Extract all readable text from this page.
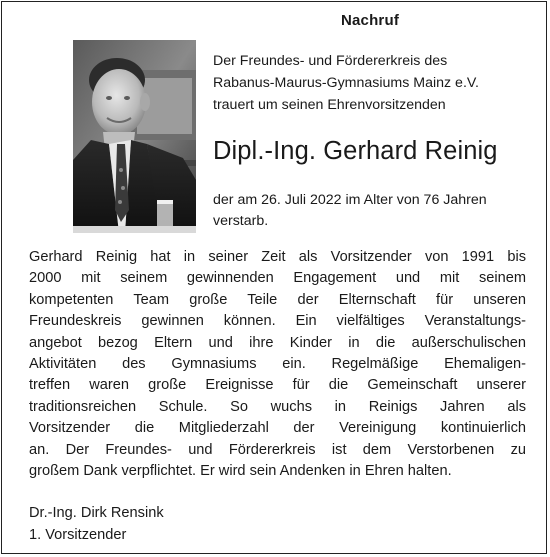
Nachruf
Der Freundes- und Fördererkreis des
Rabanus-Maurus-Gymnasiums Mainz e.V.
trauert um seinen Ehrenvorsitzenden
Dipl.-Ing. Gerhard Reinig
der am 26. Juli 2022 im Alter von 76 Jahren
verstarb.
Gerhard Reinig hat in seiner Zeit als Vorsitzender von 1991 bis
2000 mit seinem gewinnenden Engagement und mit seinem
kompetenten Team große Teile der Elternschaft für unseren
Freundeskreis gewinnen können. Ein vielfältiges Veranstaltungs-
angebot bezog Eltern und ihre Kinder in die außerschulischen
Aktivitäten des Gymnasiums ein. Regelmäßige Ehemaligen-
treffen waren große Ereignisse für die Gemeinschaft unserer
traditionsreichen Schule. So wuchs in Reinigs Jahren als
Vorsitzender die Mitgliederzahl der Vereinigung kontinuierlich
an. Der Freundes- und Fördererkreis ist dem Verstorbenen zu
großem Dank verpflichtet. Er wird sein Andenken in Ehren halten.
Dr.-Ing. Dirk Rensink
1. Vorsitzender
